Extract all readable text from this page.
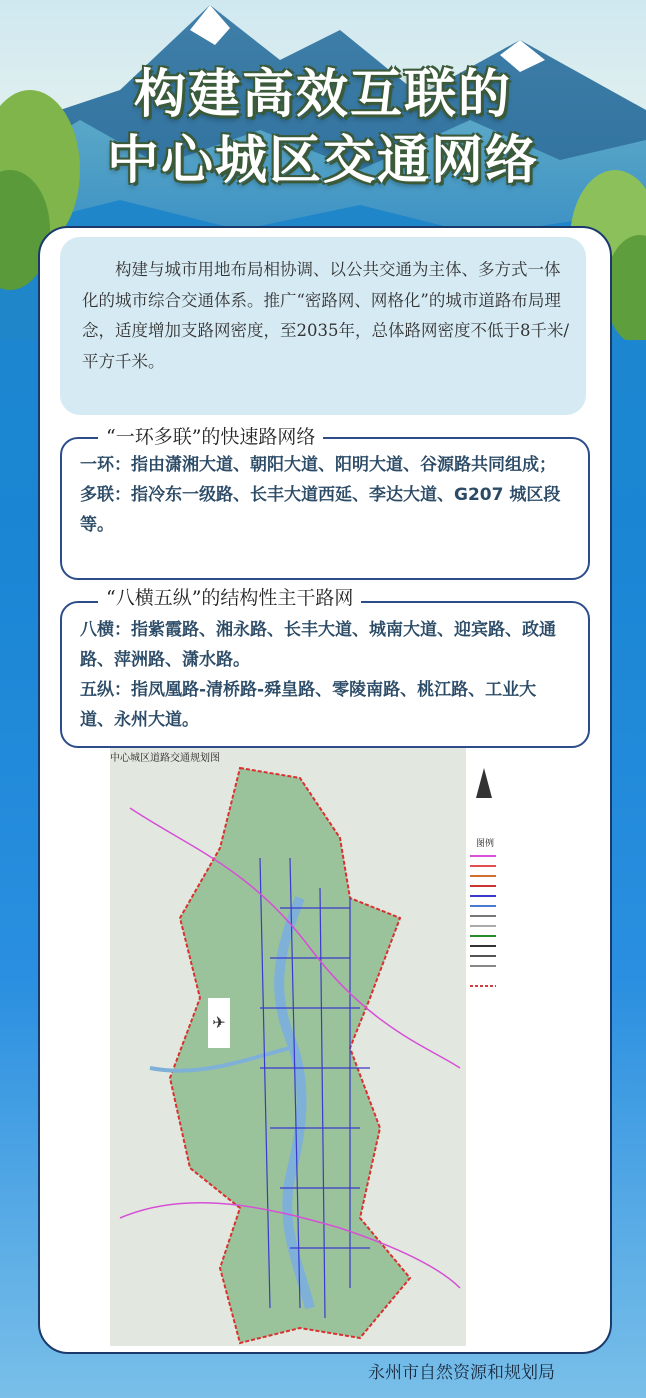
构建高效互联的
中心城区交通网络

构建与城市用地布局相协调、以公共交通为主体、多方式一体化的城市综合交通体系。推广“密路网、网格化”的城市道路布局理念，适度增加支路网密度，至2035年，总体路网密度不低于8千米/平方千米。

“一环多联”的快速路网络
一环：指由潇湘大道、朝阳大道、阳明大道、谷源路共同组成；
多联：指冷东一级路、长丰大道西延、李达大道、G207 城区段等。
“八横五纵”的结构性主干路网
八横：指紫霞路、湘永路、长丰大道、城南大道、迎宾路、政通路、萍洲路、潇水路。
五纵：指凤凰路-清桥路-舜皇路、零陵南路、桃江路、工业大道、永州大道。
✈
中心城区道路交通规划图
图例
永州市自然资源和规划局
